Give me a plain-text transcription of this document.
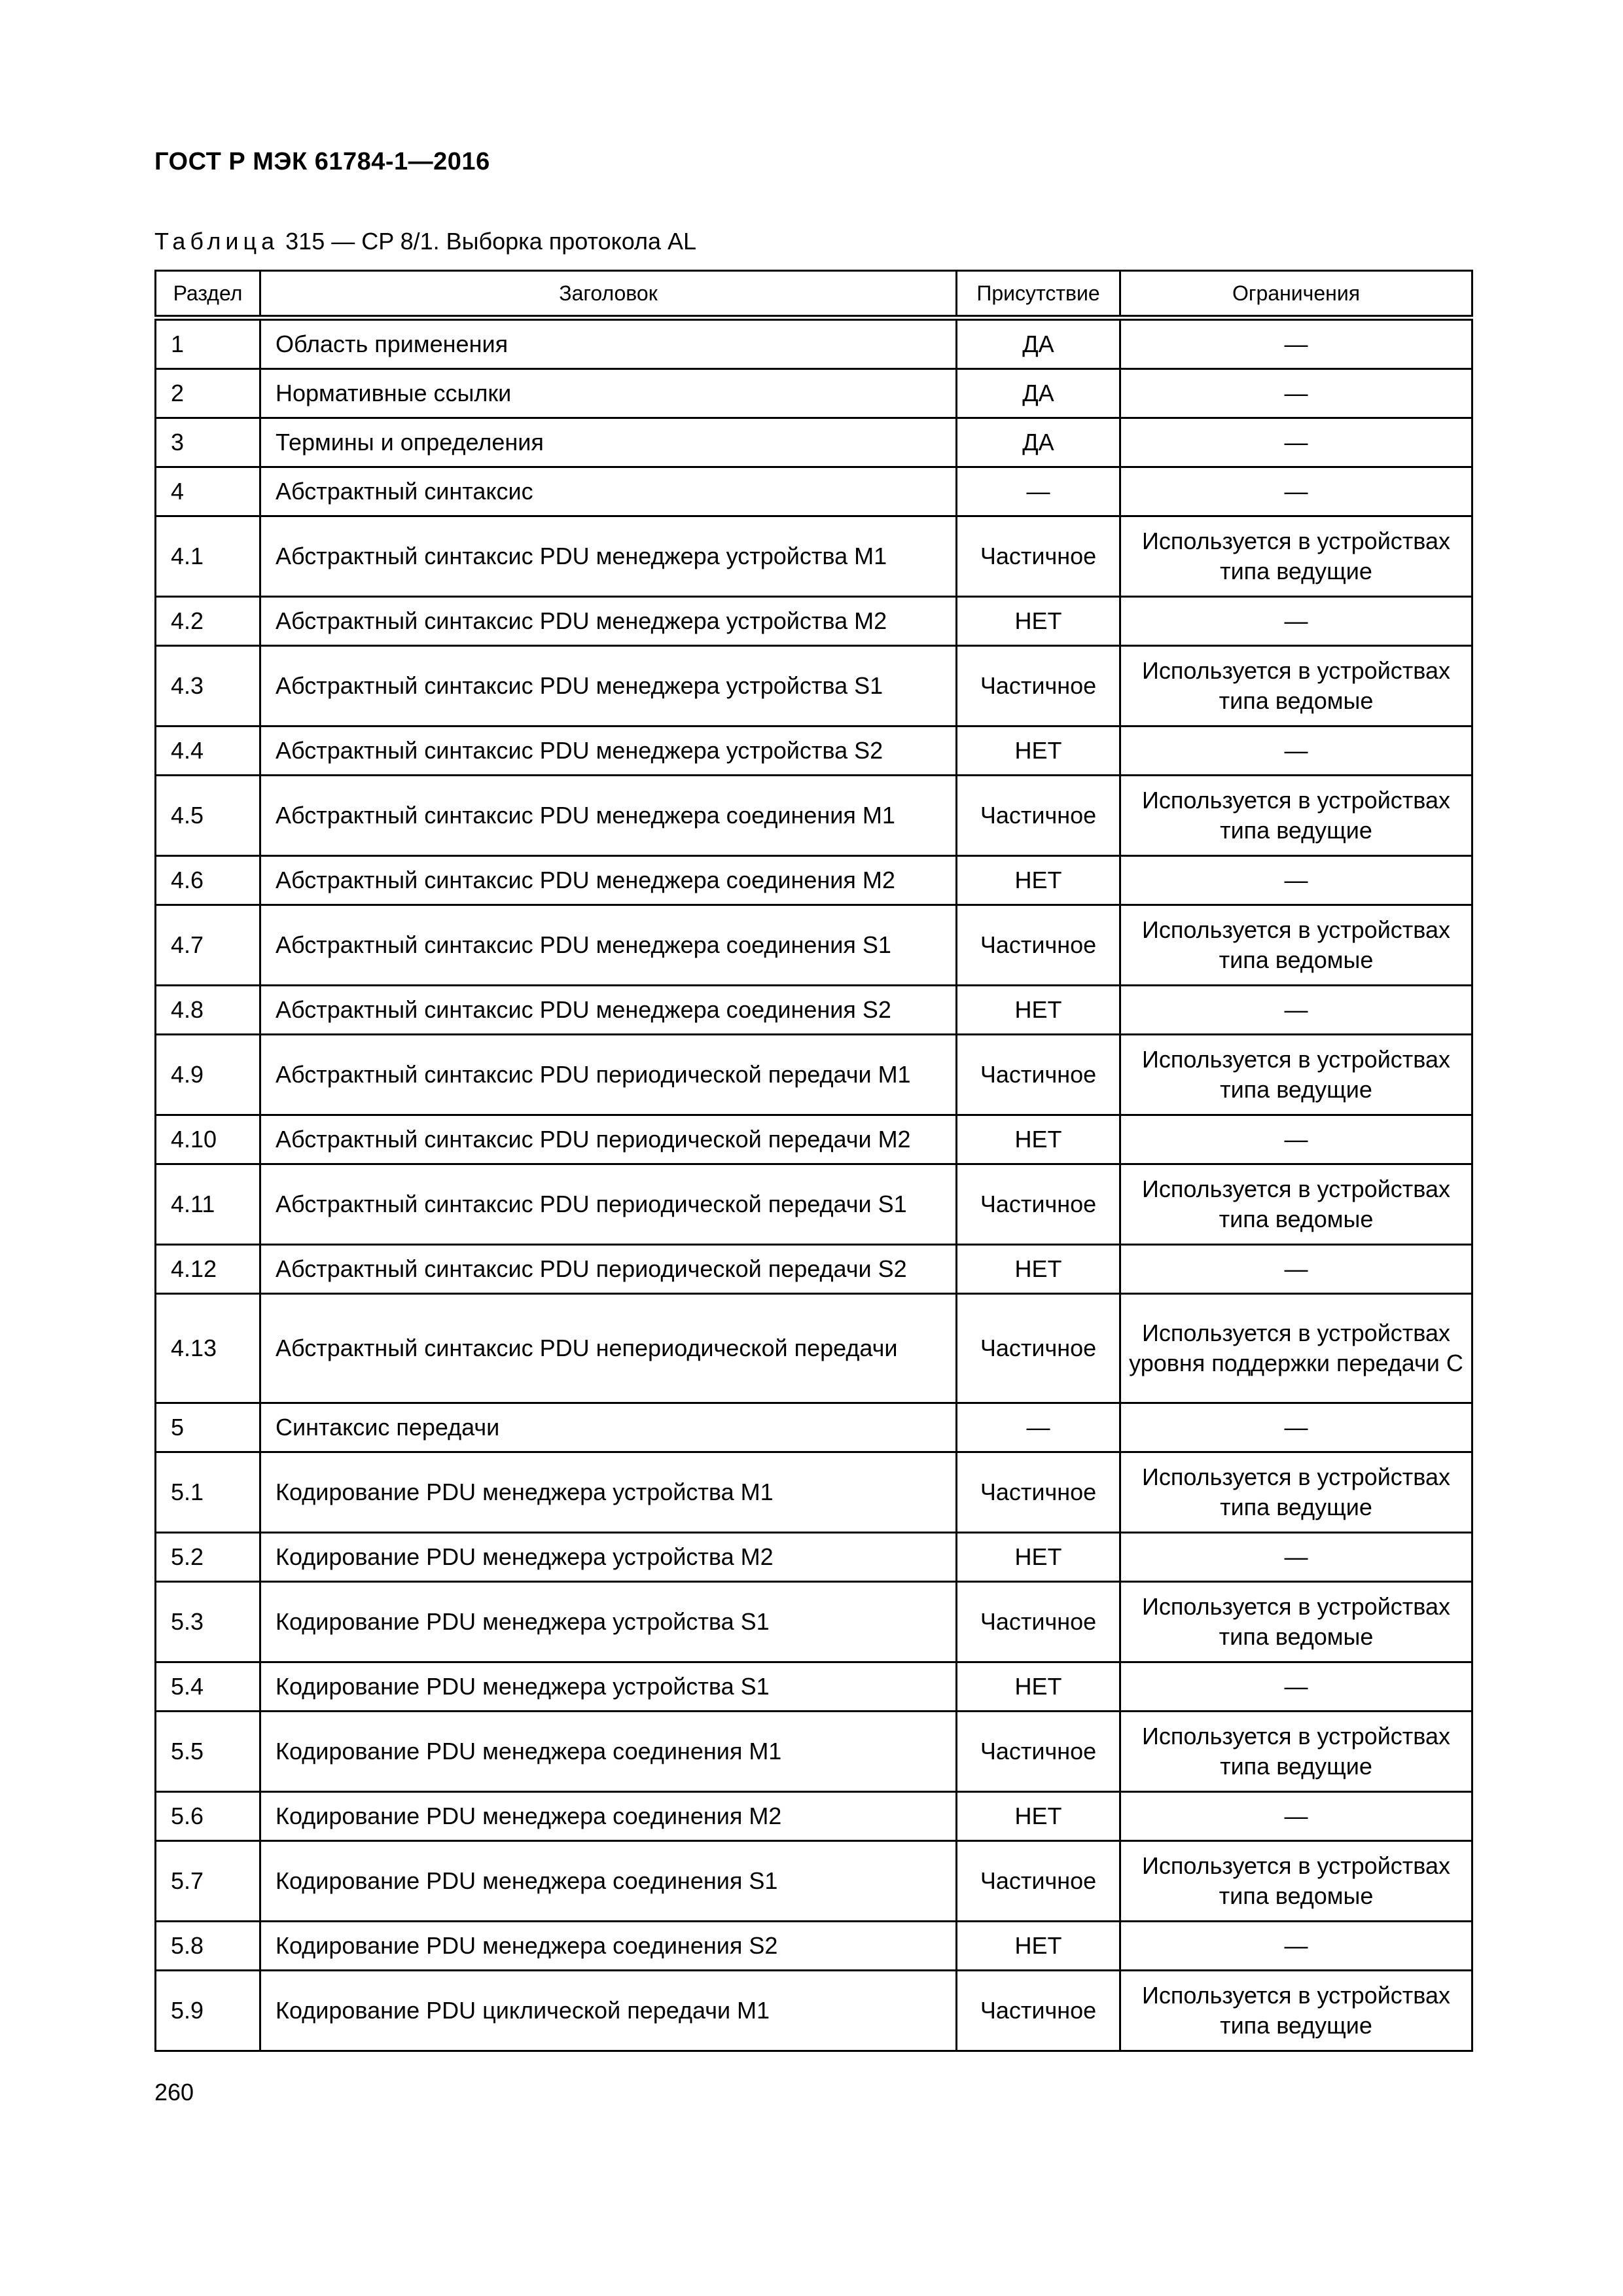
ГОСТ Р МЭК 61784-1—2016
Таблица 315 — CP 8/1. Выборка протокола AL
Раздел	Заголовок	Присутствие	Ограничения
1	Область применения	ДА	—
2	Нормативные ссылки	ДА	—
3	Термины и определения	ДА	—
4	Абстрактный синтаксис	—	—
4.1	Абстрактный синтаксис PDU менеджера устройства M1	Частичное	Используется в устройствах типа ведущие
4.2	Абстрактный синтаксис PDU менеджера устройства M2	НЕТ	—
4.3	Абстрактный синтаксис PDU менеджера устройства S1	Частичное	Используется в устройствах типа ведомые
4.4	Абстрактный синтаксис PDU менеджера устройства S2	НЕТ	—
4.5	Абстрактный синтаксис PDU менеджера соединения M1	Частичное	Используется в устройствах типа ведущие
4.6	Абстрактный синтаксис PDU менеджера соединения M2	НЕТ	—
4.7	Абстрактный синтаксис PDU менеджера соединения S1	Частичное	Используется в устройствах типа ведомые
4.8	Абстрактный синтаксис PDU менеджера соединения S2	НЕТ	—
4.9	Абстрактный синтаксис PDU периодической передачи M1	Частичное	Используется в устройствах типа ведущие
4.10	Абстрактный синтаксис PDU периодической передачи M2	НЕТ	—
4.11	Абстрактный синтаксис PDU периодической передачи S1	Частичное	Используется в устройствах типа ведомые
4.12	Абстрактный синтаксис PDU периодической передачи S2	НЕТ	—
4.13	Абстрактный синтаксис PDU непериодической передачи	Частичное	Используется в устройствах уровня поддержки передачи С
5	Синтаксис передачи	—	—
5.1	Кодирование PDU менеджера устройства M1	Частичное	Используется в устройствах типа ведущие
5.2	Кодирование PDU менеджера устройства M2	НЕТ	—
5.3	Кодирование PDU менеджера устройства S1	Частичное	Используется в устройствах типа ведомые
5.4	Кодирование PDU менеджера устройства S1	НЕТ	—
5.5	Кодирование PDU менеджера соединения M1	Частичное	Используется в устройствах типа ведущие
5.6	Кодирование PDU менеджера соединения M2	НЕТ	—
5.7	Кодирование PDU менеджера соединения S1	Частичное	Используется в устройствах типа ведомые
5.8	Кодирование PDU менеджера соединения S2	НЕТ	—
5.9	Кодирование PDU циклической передачи M1	Частичное	Используется в устройствах типа ведущие
260
